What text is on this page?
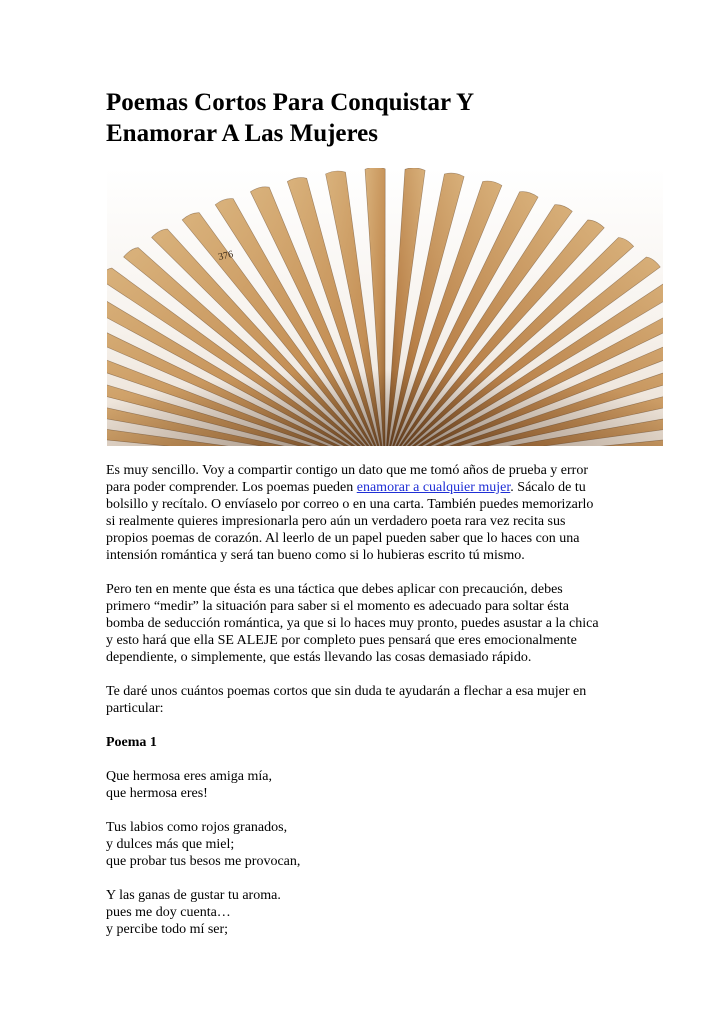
Poemas Cortos Para Conquistar Y
Enamorar A Las Mujeres
376

Es muy sencillo. Voy a compartir contigo un dato que me tomó años de prueba y error
para poder comprender. Los poemas pueden enamorar a cualquier mujer. Sácalo de tu
bolsillo y recítalo. O envíaselo por correo o en una carta. También puedes memorizarlo
si realmente quieres impresionarla pero aún un verdadero poeta rara vez recita sus
propios poemas de corazón. Al leerlo de un papel pueden saber que lo haces con una
intensión romántica y será tan bueno como si lo hubieras escrito tú mismo.

Pero ten en mente que ésta es una táctica que debes aplicar con precaución, debes
primero “medir” la situación para saber si el momento es adecuado para soltar ésta
bomba de seducción romántica, ya que si lo haces muy pronto, puedes asustar a la chica
y esto hará que ella SE ALEJE por completo pues pensará que eres emocionalmente
dependiente, o simplemente, que estás llevando las cosas demasiado rápido.

Te daré unos cuántos poemas cortos que sin duda te ayudarán a flechar a esa mujer en
particular:

Poema 1

Que hermosa eres amiga mía,
que hermosa eres!

Tus labios como rojos granados,
y dulces más que miel;
que probar tus besos me provocan,

Y las ganas de gustar tu aroma.
pues me doy cuenta…
y percibe todo mí ser;
